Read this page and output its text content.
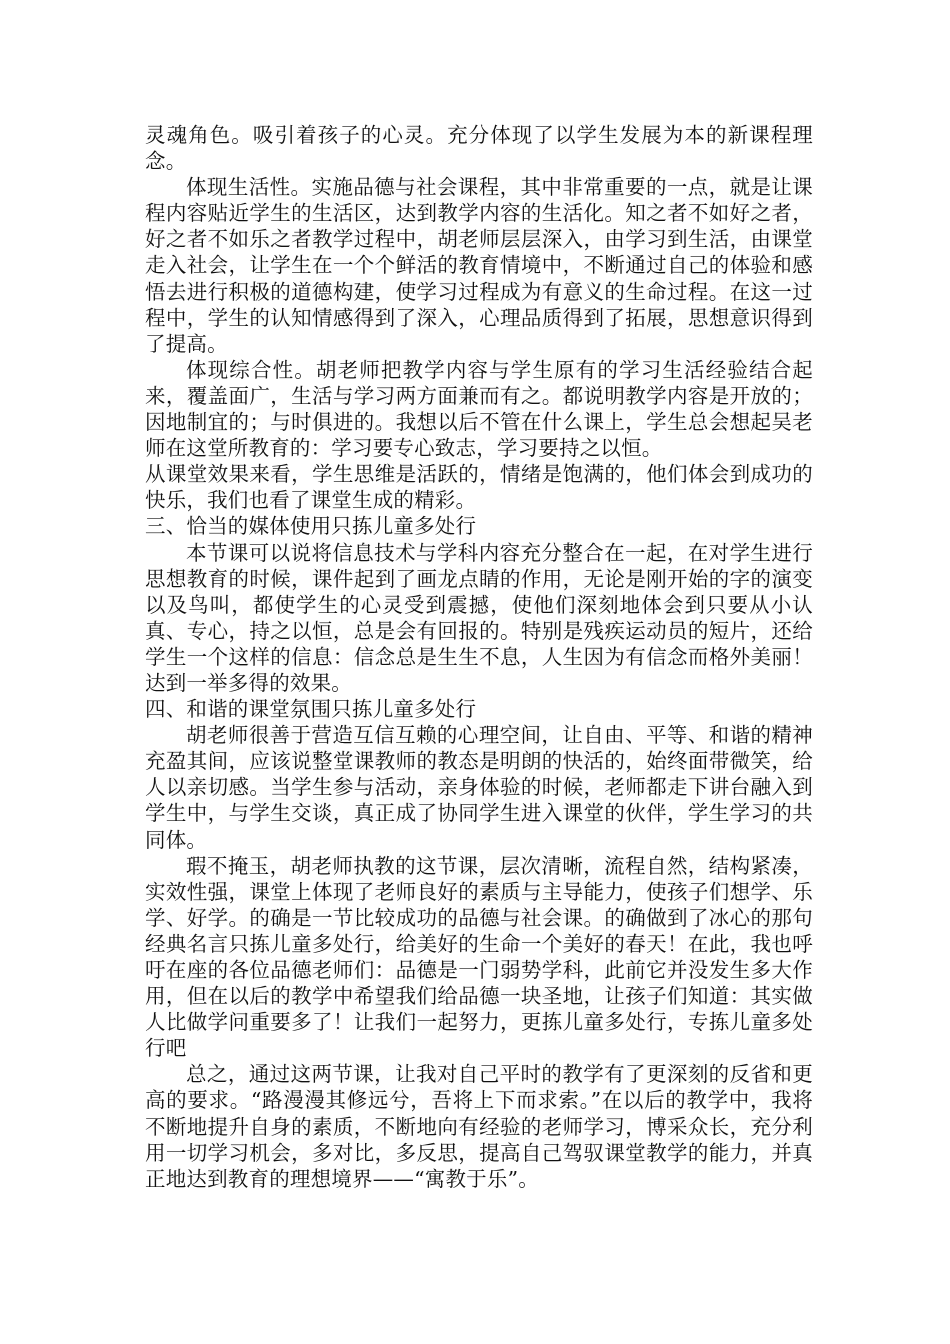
灵魂角色。吸引着孩子的心灵。充分体现了以学生发展为本的新课程理念。

体现生活性。实施品德与社会课程，其中非常重要的一点，就是让课程内容贴近学生的生活区，达到教学内容的生活化。知之者不如好之者，好之者不如乐之者教学过程中，胡老师层层深入，由学习到生活，由课堂走入社会，让学生在一个个鲜活的教育情境中，不断通过自己的体验和感悟去进行积极的道德构建，使学习过程成为有意义的生命过程。在这一过程中，学生的认知情感得到了深入，心理品质得到了拓展，思想意识得到了提高。

体现综合性。胡老师把教学内容与学生原有的学习生活经验结合起来，覆盖面广，生活与学习两方面兼而有之。都说明教学内容是开放的；因地制宜的；与时俱进的。我想以后不管在什么课上，学生总会想起吴老师在这堂所教育的：学习要专心致志，学习要持之以恒。

从课堂效果来看，学生思维是活跃的，情绪是饱满的，他们体会到成功的快乐，我们也看了课堂生成的精彩。

三、恰当的媒体使用只拣儿童多处行

本节课可以说将信息技术与学科内容充分整合在一起，在对学生进行思想教育的时候，课件起到了画龙点睛的作用，无论是刚开始的字的演变以及鸟叫，都使学生的心灵受到震撼，使他们深刻地体会到只要从小认真、专心，持之以恒，总是会有回报的。特别是残疾运动员的短片，还给学生一个这样的信息：信念总是生生不息，人生因为有信念而格外美丽！达到一举多得的效果。

四、和谐的课堂氛围只拣儿童多处行

胡老师很善于营造互信互赖的心理空间，让自由、平等、和谐的精神充盈其间，应该说整堂课教师的教态是明朗的快活的，始终面带微笑，给人以亲切感。当学生参与活动，亲身体验的时候，老师都走下讲台融入到学生中，与学生交谈，真正成了协同学生进入课堂的伙伴，学生学习的共同体。

瑕不掩玉，胡老师执教的这节课，层次清晰，流程自然，结构紧凑，实效性强，课堂上体现了老师良好的素质与主导能力，使孩子们想学、乐学、好学。的确是一节比较成功的品德与社会课。的确做到了冰心的那句经典名言只拣儿童多处行，给美好的生命一个美好的春天！在此，我也呼吁在座的各位品德老师们：品德是一门弱势学科，此前它并没发生多大作用，但在以后的教学中希望我们给品德一块圣地，让孩子们知道：其实做人比做学问重要多了！让我们一起努力，更拣儿童多处行，专拣儿童多处行吧

总之，通过这两节课，让我对自己平时的教学有了更深刻的反省和更高的要求。“路漫漫其修远兮，吾将上下而求索。”在以后的教学中，我将不断地提升自身的素质，不断地向有经验的老师学习，博采众长，充分利用一切学习机会，多对比，多反思，提高自己驾驭课堂教学的能力，并真正地达到教育的理想境界——“寓教于乐”。
